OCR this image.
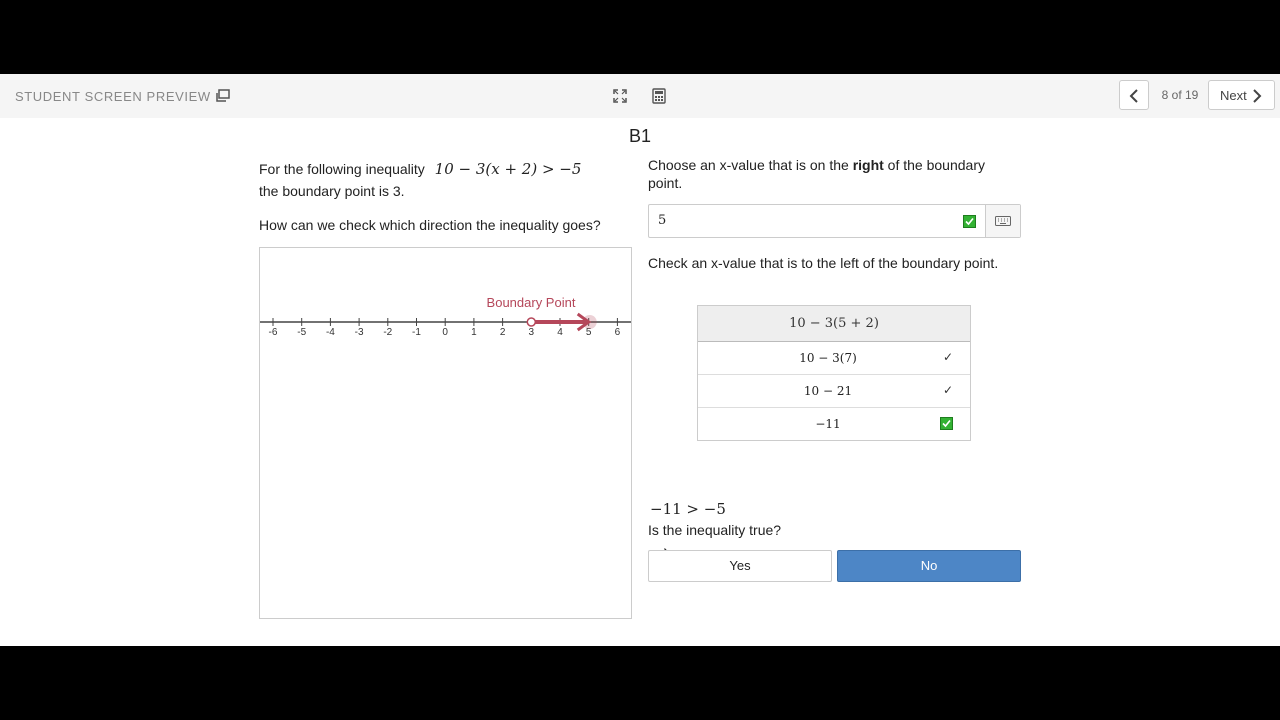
STUDENT SCREEN PREVIEW	8 of 19 Next
B1
For the following inequality 10 − 3(x + 2) > −5
the boundary point is 3.
How can we check which direction the inequality goes?
-6 -5 -4 -3 -2 -1 0 1 2 3 4 5 6
Boundary Point
Choose an x-value that is on the right of the boundary point.
5
Check an x-value that is to the left of the boundary point.
10 − 3(5 + 2)
10 − 3(7)	✓
10 − 21	✓
−11
−11 > −5
Is the inequality true?
Yes	No
